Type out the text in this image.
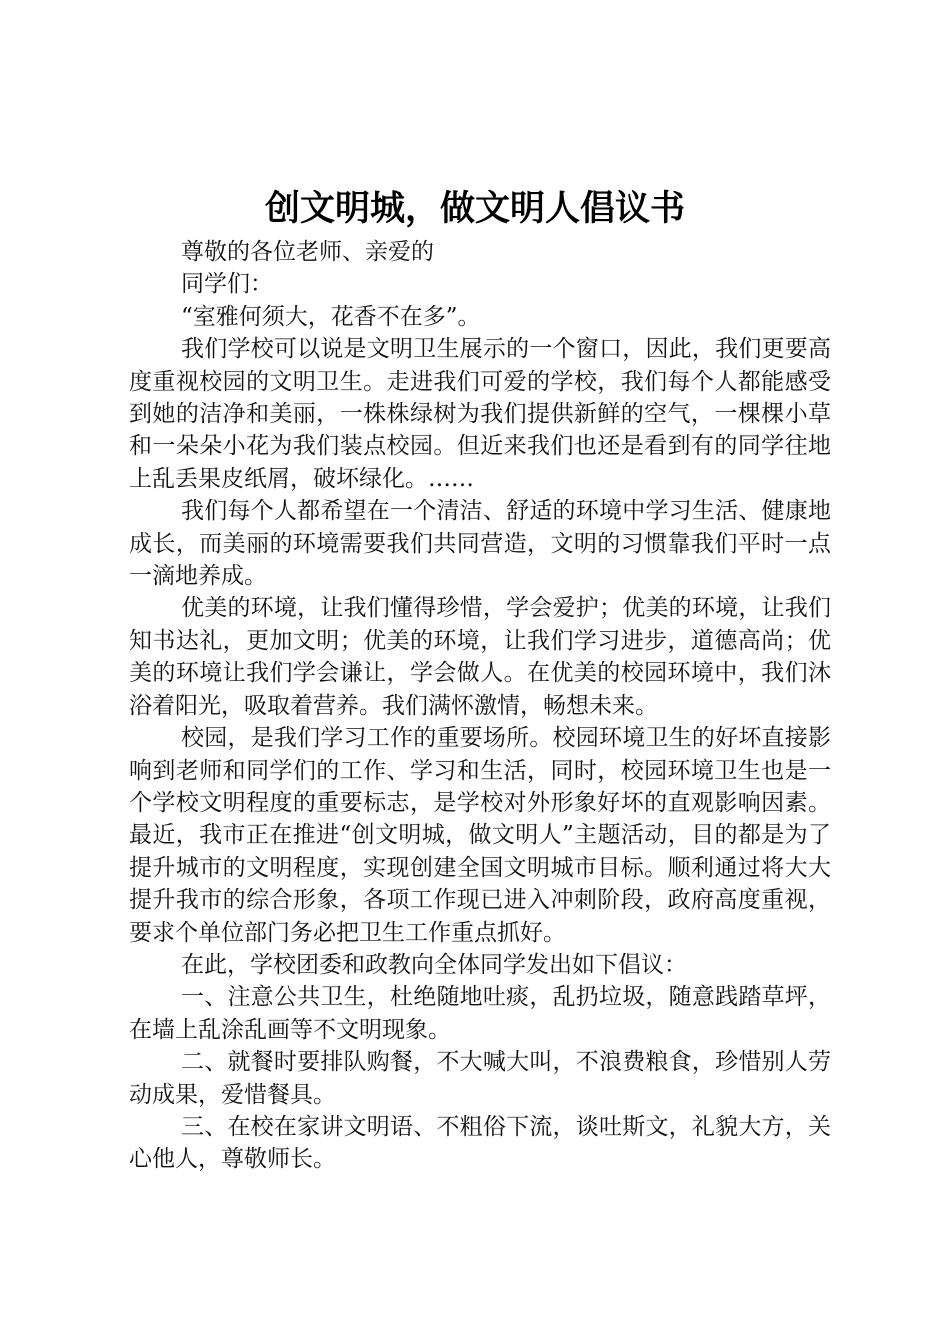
创文明城，做文明人倡议书

尊敬的各位老师、亲爱的

同学们：

“室雅何须大，花香不在多”。

我们学校可以说是文明卫生展示的一个窗口，因此，我们更要高度重视校园的文明卫生。走进我们可爱的学校，我们每个人都能感受到她的洁净和美丽，一株株绿树为我们提供新鲜的空气，一棵棵小草和一朵朵小花为我们装点校园。但近来我们也还是看到有的同学往地上乱丢果皮纸屑，破坏绿化。……

我们每个人都希望在一个清洁、舒适的环境中学习生活、健康地成长，而美丽的环境需要我们共同营造，文明的习惯靠我们平时一点一滴地养成。

优美的环境，让我们懂得珍惜，学会爱护；优美的环境，让我们知书达礼，更加文明；优美的环境，让我们学习进步，道德高尚；优美的环境让我们学会谦让，学会做人。在优美的校园环境中，我们沐浴着阳光，吸取着营养。我们满怀激情，畅想未来。

校园，是我们学习工作的重要场所。校园环境卫生的好坏直接影响到老师和同学们的工作、学习和生活，同时，校园环境卫生也是一个学校文明程度的重要标志，是学校对外形象好坏的直观影响因素。最近，我市正在推进“创文明城，做文明人”主题活动，目的都是为了提升城市的文明程度，实现创建全国文明城市目标。顺利通过将大大提升我市的综合形象，各项工作现已进入冲刺阶段，政府高度重视，要求个单位部门务必把卫生工作重点抓好。

在此，学校团委和政教向全体同学发出如下倡议：

一、注意公共卫生，杜绝随地吐痰，乱扔垃圾，随意践踏草坪，在墙上乱涂乱画等不文明现象。

二、就餐时要排队购餐，不大喊大叫，不浪费粮食，珍惜别人劳动成果，爱惜餐具。

三、在校在家讲文明语、不粗俗下流，谈吐斯文，礼貌大方，关心他人，尊敬师长。
